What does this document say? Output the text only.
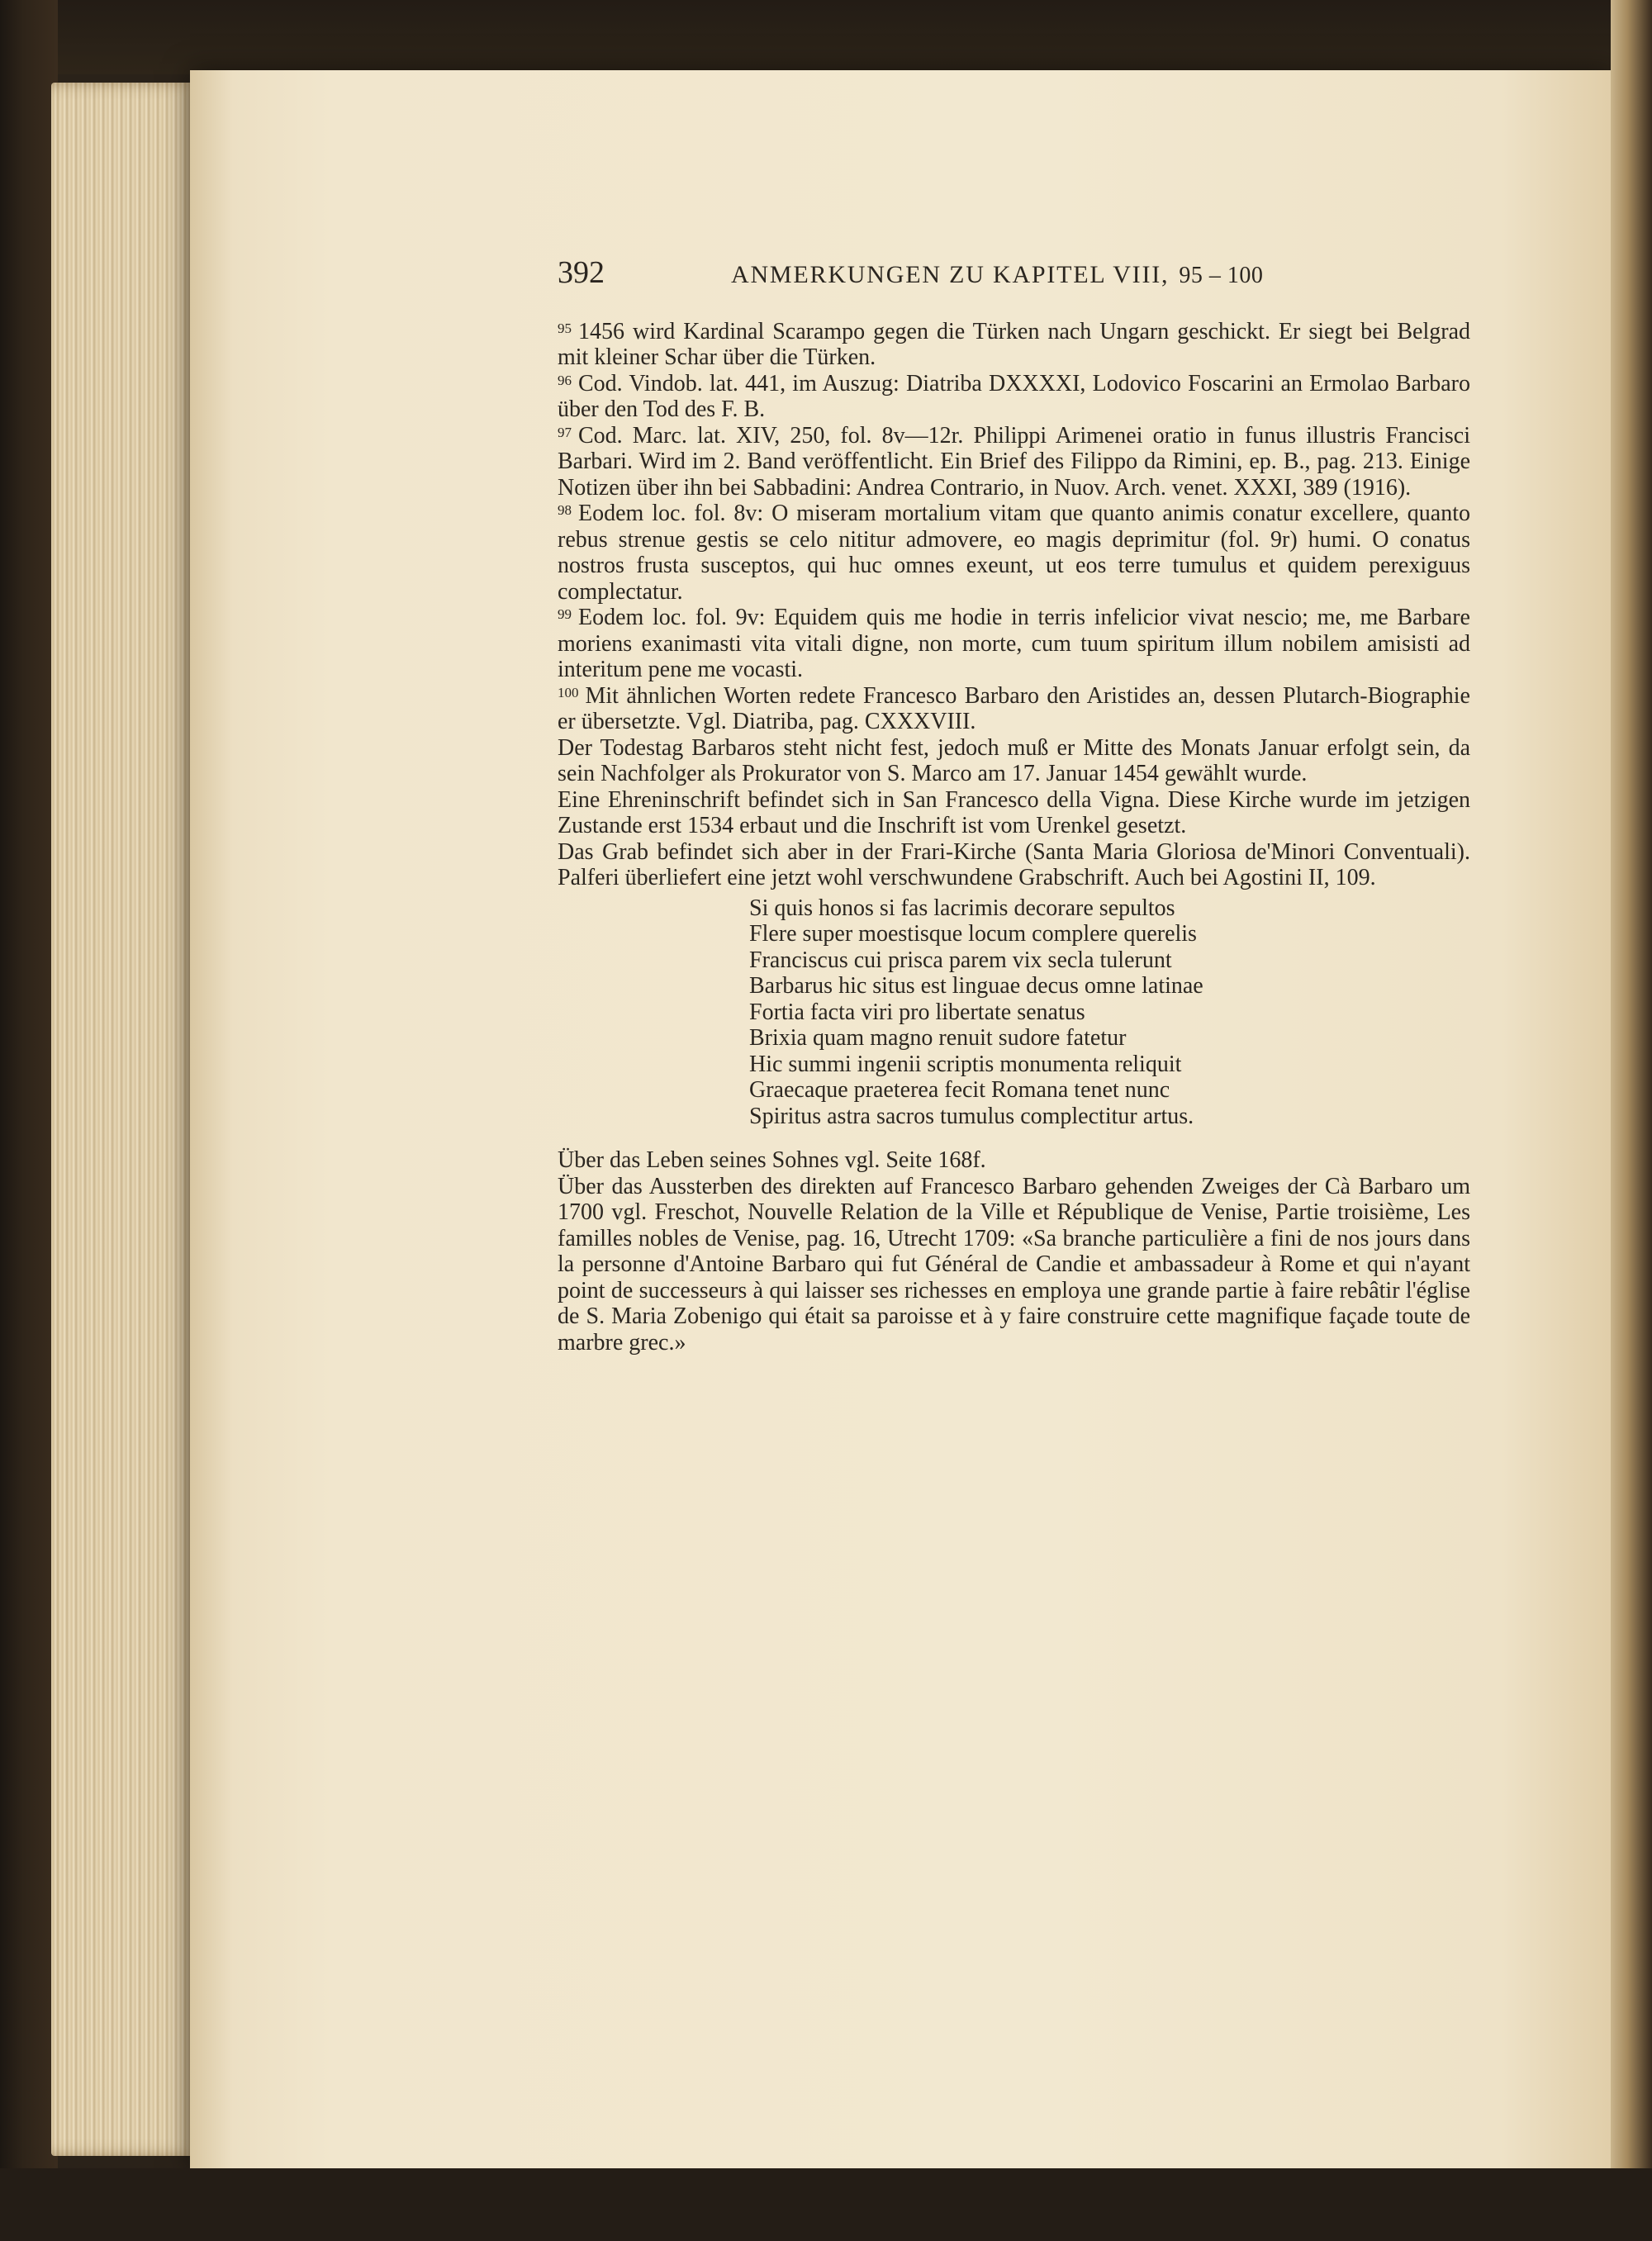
392	ANMERKUNGEN ZU KAPITEL VIII, 95 – 100

$^{95}$ 1456 wird Kardinal Scarampo gegen die Türken nach Ungarn geschickt. Er siegt bei Belgrad mit kleiner Schar über die Türken.

$^{96}$ Cod. Vindob. lat. 441, im Auszug: Diatriba DXXXXI, Lodovico Foscarini an Ermolao Barbaro über den Tod des F. B.

$^{97}$ Cod. Marc. lat. XIV, 250, fol. 8v—12r. Philippi Arimenei oratio in funus illustris Francisci Barbari. Wird im 2. Band veröffentlicht. Ein Brief des Filippo da Rimini, ep. B., pag. 213. Einige Notizen über ihn bei Sabbadini: Andrea Contrario, in Nuov. Arch. venet. XXXI, 389 (1916).

$^{98}$ Eodem loc. fol. 8v: O miseram mortalium vitam que quanto animis conatur excellere, quanto rebus strenue gestis se celo nititur admovere, eo magis deprimitur (fol. 9r) humi. O conatus nostros frusta susceptos, qui huc omnes exeunt, ut eos terre tumulus et quidem perexiguus complectatur.

$^{99}$ Eodem loc. fol. 9v: Equidem quis me hodie in terris infelicior vivat nescio; me, me Barbare moriens exanimasti vita vitali digne, non morte, cum tuum spiritum illum nobilem amisisti ad interitum pene me vocasti.

$^{100}$ Mit ähnlichen Worten redete Francesco Barbaro den Aristides an, dessen Plutarch-Biographie er übersetzte. Vgl. Diatriba, pag. CXXXVIII.

Der Todestag Barbaros steht nicht fest, jedoch muß er Mitte des Monats Januar erfolgt sein, da sein Nachfolger als Prokurator von S. Marco am 17. Januar 1454 gewählt wurde.

Eine Ehreninschrift befindet sich in San Francesco della Vigna. Diese Kirche wurde im jetzigen Zustande erst 1534 erbaut und die Inschrift ist vom Urenkel gesetzt.

Das Grab befindet sich aber in der Frari-Kirche (Santa Maria Gloriosa de'Minori Conventuali). Palferi überliefert eine jetzt wohl verschwundene Grabschrift. Auch bei Agostini II, 109.

Si quis honos si fas lacrimis decorare sepultos
Flere super moestisque locum complere querelis
Franciscus cui prisca parem vix secla tulerunt
Barbarus hic situs est linguae decus omne latinae
Fortia facta viri pro libertate senatus
Brixia quam magno renuit sudore fatetur
Hic summi ingenii scriptis monumenta reliquit
Graecaque praeterea fecit Romana tenet nunc
Spiritus astra sacros tumulus complectitur artus.

Über das Leben seines Sohnes vgl. Seite 168f.

Über das Aussterben des direkten auf Francesco Barbaro gehenden Zweiges der Cà Barbaro um 1700 vgl. Freschot, Nouvelle Relation de la Ville et République de Venise, Partie troisième, Les familles nobles de Venise, pag. 16, Utrecht 1709: «Sa branche particulière a fini de nos jours dans la personne d'Antoine Barbaro qui fut Général de Candie et ambassadeur à Rome et qui n'ayant point de successeurs à qui laisser ses richesses en employa une grande partie à faire rebâtir l'église de S. Maria Zobenigo qui était sa paroisse et à y faire construire cette magnifique façade toute de marbre grec.»
